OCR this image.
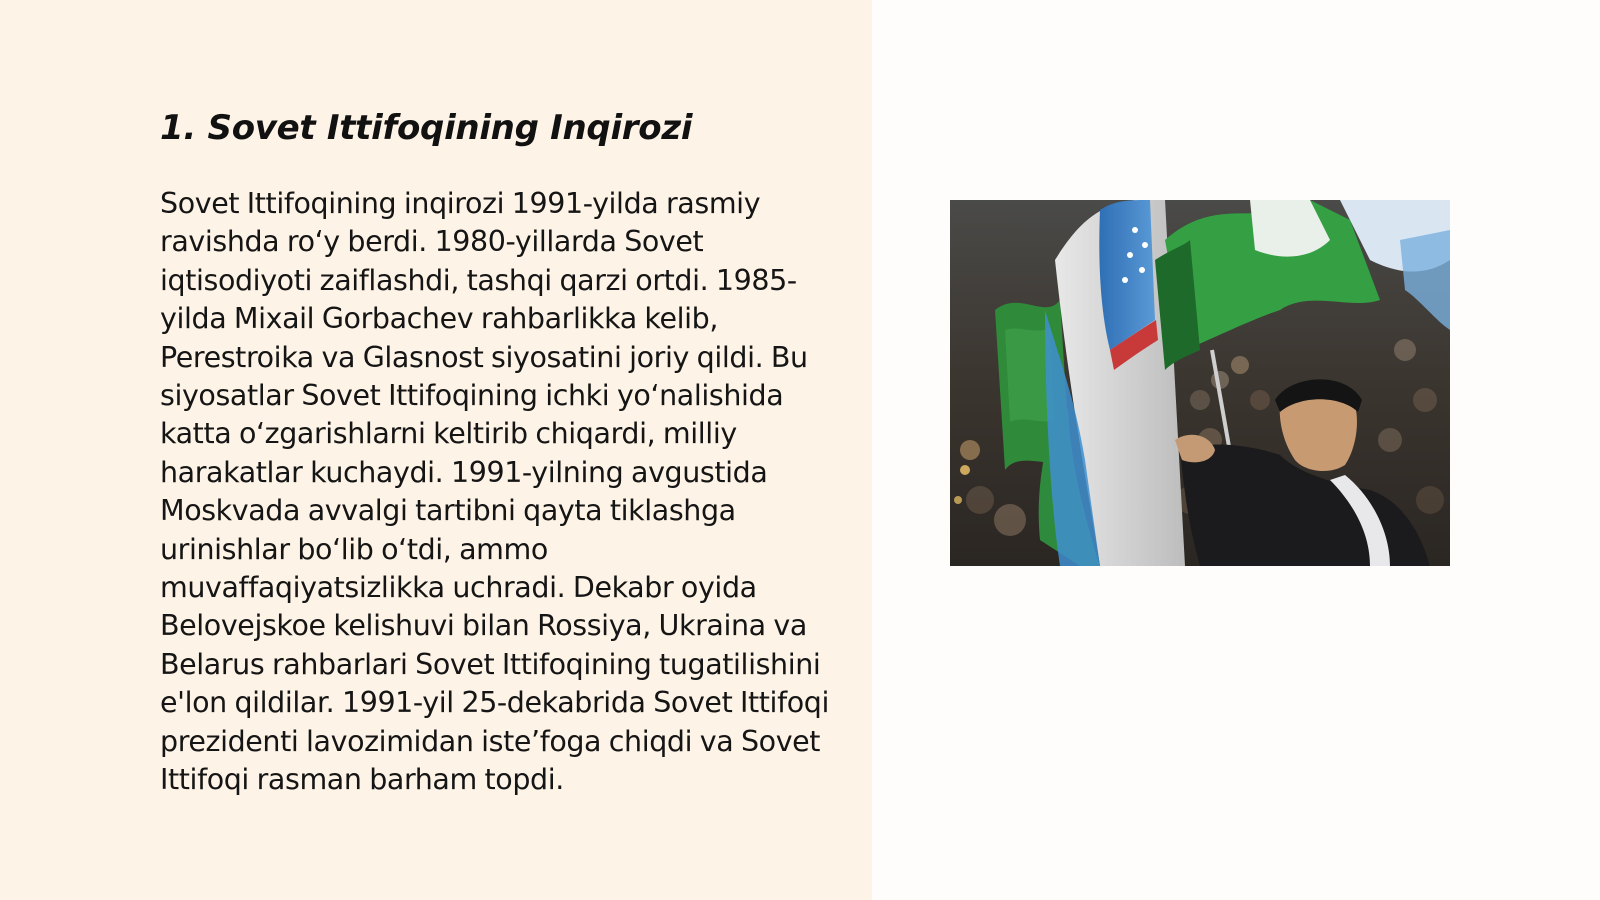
1. Sovet Ittifoqining Inqirozi

Sovet Ittifoqining inqirozi 1991-yilda rasmiy ravishda ro‘y berdi. 1980-yillarda Sovet iqtisodiyoti zaiflashdi, tashqi qarzi ortdi. 1985-yilda Mixail Gorbachev rahbarlikka kelib, Perestroika va Glasnost siyosatini joriy qildi. Bu siyosatlar Sovet Ittifoqining ichki yo‘nalishida katta o‘zgarishlarni keltirib chiqardi, milliy harakatlar kuchaydi. 1991-yilning avgustida Moskvada avvalgi tartibni qayta tiklashga urinishlar bo‘lib o‘tdi, ammo muvaffaqiyatsizlikka uchradi. Dekabr oyida Belovejskoe kelishuvi bilan Rossiya, Ukraina va Belarus rahbarlari Sovet Ittifoqining tugatilishini e'lon qildilar. 1991-yil 25-dekabrida Sovet Ittifoqi prezidenti lavozimidan iste’foga chiqdi va Sovet Ittifoqi rasman barham topdi.
